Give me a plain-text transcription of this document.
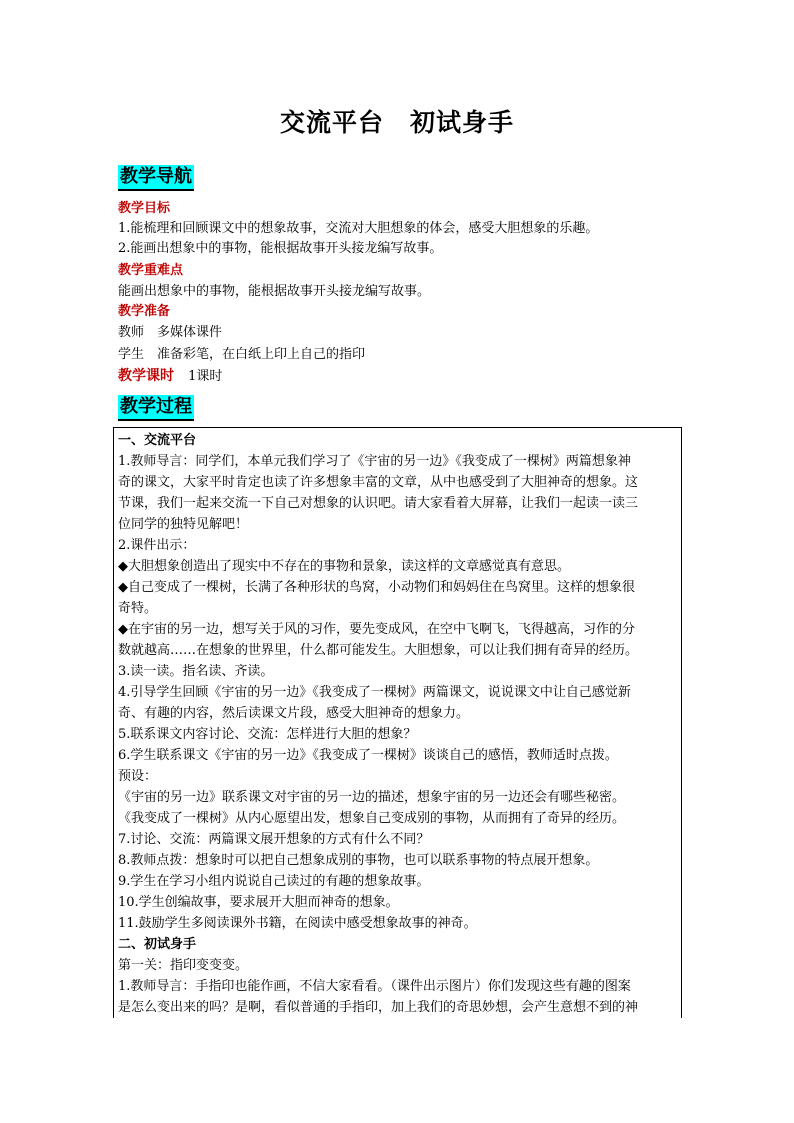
交流平台　初试身手
教学导航
教学目标
1.能梳理和回顾课文中的想象故事，交流对大胆想象的体会，感受大胆想象的乐趣。
2.能画出想象中的事物，能根据故事开头接龙编写故事。
教学重难点
能画出想象中的事物，能根据故事开头接龙编写故事。
教学准备
教师　多媒体课件
学生　准备彩笔，在白纸上印上自己的指印
教学课时 1课时
教学过程
一、交流平台
1.教师导言：同学们，本单元我们学习了《宇宙的另一边》《我变成了一棵树》两篇想象神
奇的课文，大家平时肯定也读了许多想象丰富的文章，从中也感受到了大胆神奇的想象。这
节课，我们一起来交流一下自己对想象的认识吧。请大家看着大屏幕，让我们一起读一读三
位同学的独特见解吧！
2.课件出示：
◆大胆想象创造出了现实中不存在的事物和景象，读这样的文章感觉真有意思。
◆自己变成了一棵树，长满了各种形状的鸟窝，小动物们和妈妈住在鸟窝里。这样的想象很
奇特。
◆在宇宙的另一边，想写关于风的习作，要先变成风，在空中飞啊飞，飞得越高，习作的分
数就越高……在想象的世界里，什么都可能发生。大胆想象，可以让我们拥有奇异的经历。
3.读一读。指名读、齐读。
4.引导学生回顾《宇宙的另一边》《我变成了一棵树》两篇课文，说说课文中让自己感觉新
奇、有趣的内容，然后读课文片段，感受大胆神奇的想象力。
5.联系课文内容讨论、交流：怎样进行大胆的想象？
6.学生联系课文《宇宙的另一边》《我变成了一棵树》谈谈自己的感悟，教师适时点拨。
预设：
《宇宙的另一边》联系课文对宇宙的另一边的描述，想象宇宙的另一边还会有哪些秘密。
《我变成了一棵树》从内心愿望出发，想象自己变成别的事物，从而拥有了奇异的经历。
7.讨论、交流：两篇课文展开想象的方式有什么不同？
8.教师点拨：想象时可以把自己想象成别的事物，也可以联系事物的特点展开想象。
9.学生在学习小组内说说自己读过的有趣的想象故事。
10.学生创编故事，要求展开大胆而神奇的想象。
11.鼓励学生多阅读课外书籍，在阅读中感受想象故事的神奇。
二、初试身手
第一关：指印变变变。
1.教师导言：手指印也能作画，不信大家看看。（课件出示图片）你们发现这些有趣的图案
是怎么变出来的吗？是啊，看似普通的手指印，加上我们的奇思妙想，会产生意想不到的神
